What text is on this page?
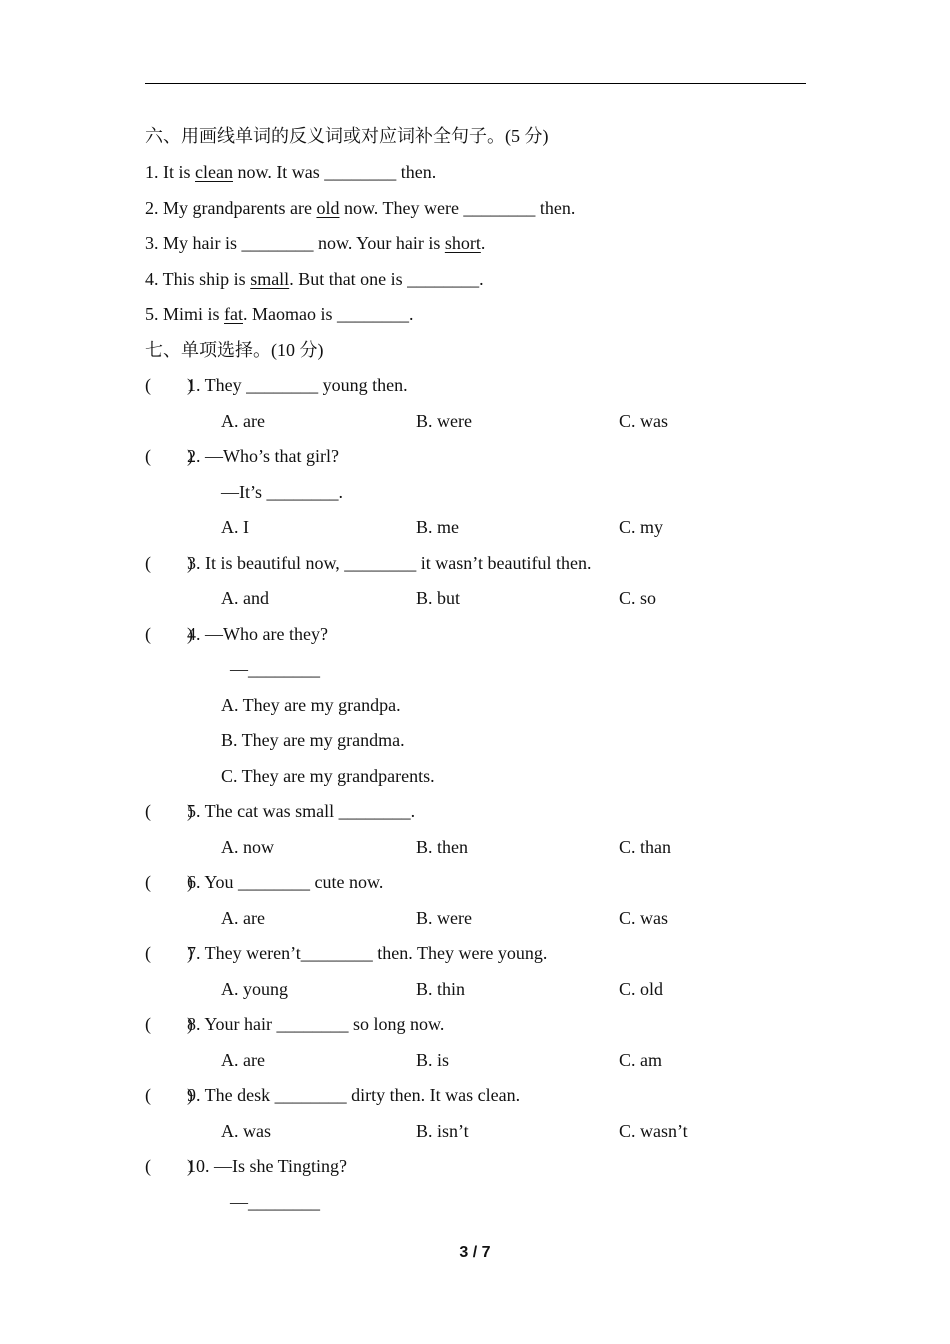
六、用画线单词的反义词或对应词补全句子。(5 分)
1. It is clean now. It was ________ then.
2. My grandparents are old now. They were ________ then.
3. My hair is ________ now. Your hair is short.
4. This ship is small. But that one is ________.
5. Mimi is fat. Maomao is ________.
七、单项选择。(10 分)
(        )
1. They ________ young then.
A. are	B. were	C. was
(        )
2. —Who’s that girl?
—It’s ________.
A. I	B. me	C. my
(        )
3. It is beautiful now, ________ it wasn’t beautiful then.
A. and	B. but	C. so
(        )
4. —Who are they?
—________
A. They are my grandpa.
B. They are my grandma.
C. They are my grandparents.
(        )
5. The cat was small ________.
A. now	B. then	C. than
(        )
6. You ________ cute now.
A. are	B. were	C. was
(        )
7. They weren’t________ then. They were young.
A. young	B. thin	C. old
(        )
8. Your hair ________ so long now.
A. are	B. is	C. am
(        )
9. The desk ________ dirty then. It was clean.
A. was	B. isn’t	C. wasn’t
(        )
10. —Is she Tingting?
—________
3 / 7
